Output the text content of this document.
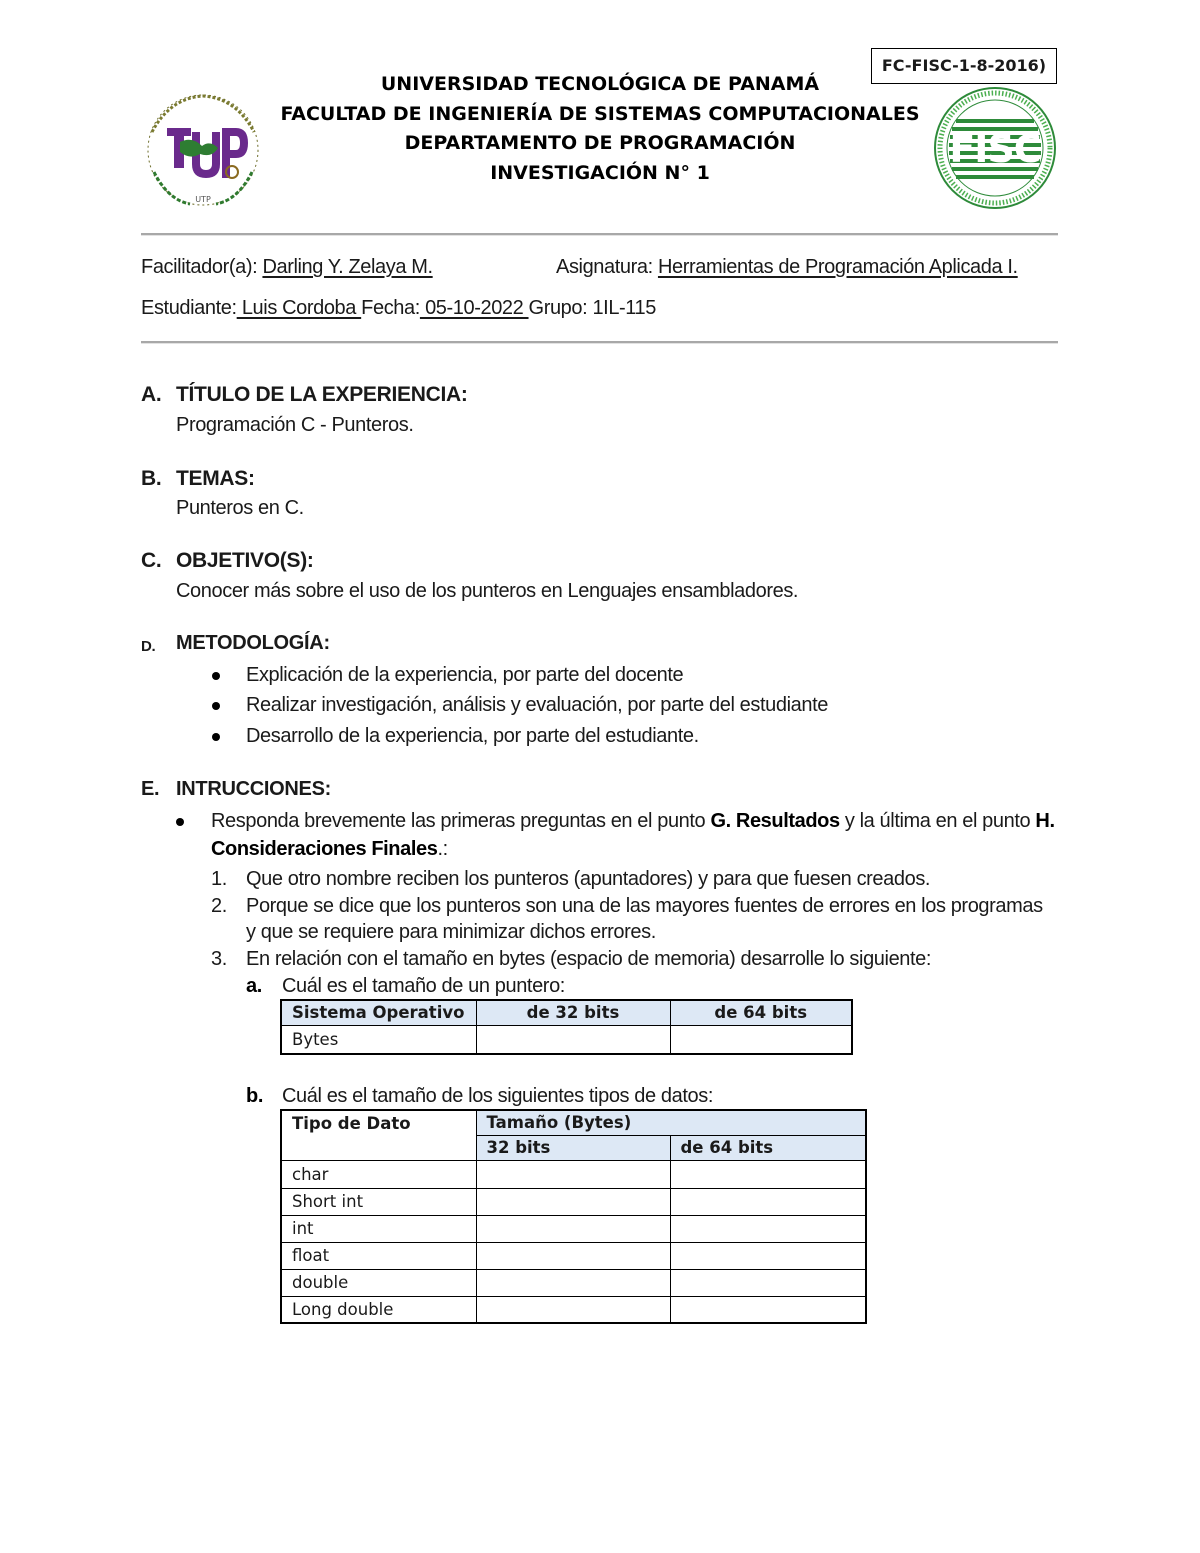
FC-FISC-1-8-2016)
UNIVERSIDAD TECNOLÓGICA DE PANAMÁ
FACULTAD DE INGENIERÍA DE SISTEMAS COMPUTACIONALES
DEPARTAMENTO DE PROGRAMACIÓN
INVESTIGACIÓN N° 1
UTP
FISC
Facilitador(a): Darling Y. Zelaya M.	Asignatura: Herramientas de Programación Aplicada I.
Estudiante: Luis Cordoba Fecha: 05-10-2022 Grupo: 1IL-115
A. TÍTULO DE LA EXPERIENCIA:
Programación C - Punteros.
B. TEMAS:
Punteros en C.
C. OBJETIVO(S):
Conocer más sobre el uso de los punteros en Lenguajes ensambladores.
D. METODOLOGÍA:
Explicación de la experiencia, por parte del docente
Realizar investigación, análisis y evaluación, por parte del estudiante
Desarrollo de la experiencia, por parte del estudiante.
E. INTRUCCIONES:
Responda brevemente las primeras preguntas en el punto G. Resultados y la última en el punto H.
Consideraciones Finales.:
1. Que otro nombre reciben los punteros (apuntadores) y para que fuesen creados.
2. Porque se dice que los punteros son una de las mayores fuentes de errores en los programas
y que se requiere para minimizar dichos errores.
3. En relación con el tamaño en bytes (espacio de memoria) desarrolle lo siguiente:
a. Cuál es el tamaño de un puntero:
Sistema Operativo	de 32 bits	de 64 bits
Bytes		
b. Cuál es el tamaño de los siguientes tipos de datos:
Tipo de Dato	Tamaño (Bytes)	
	32 bits	de 64 bits
char		
Short int		
int		
float		
double		
Long double		
